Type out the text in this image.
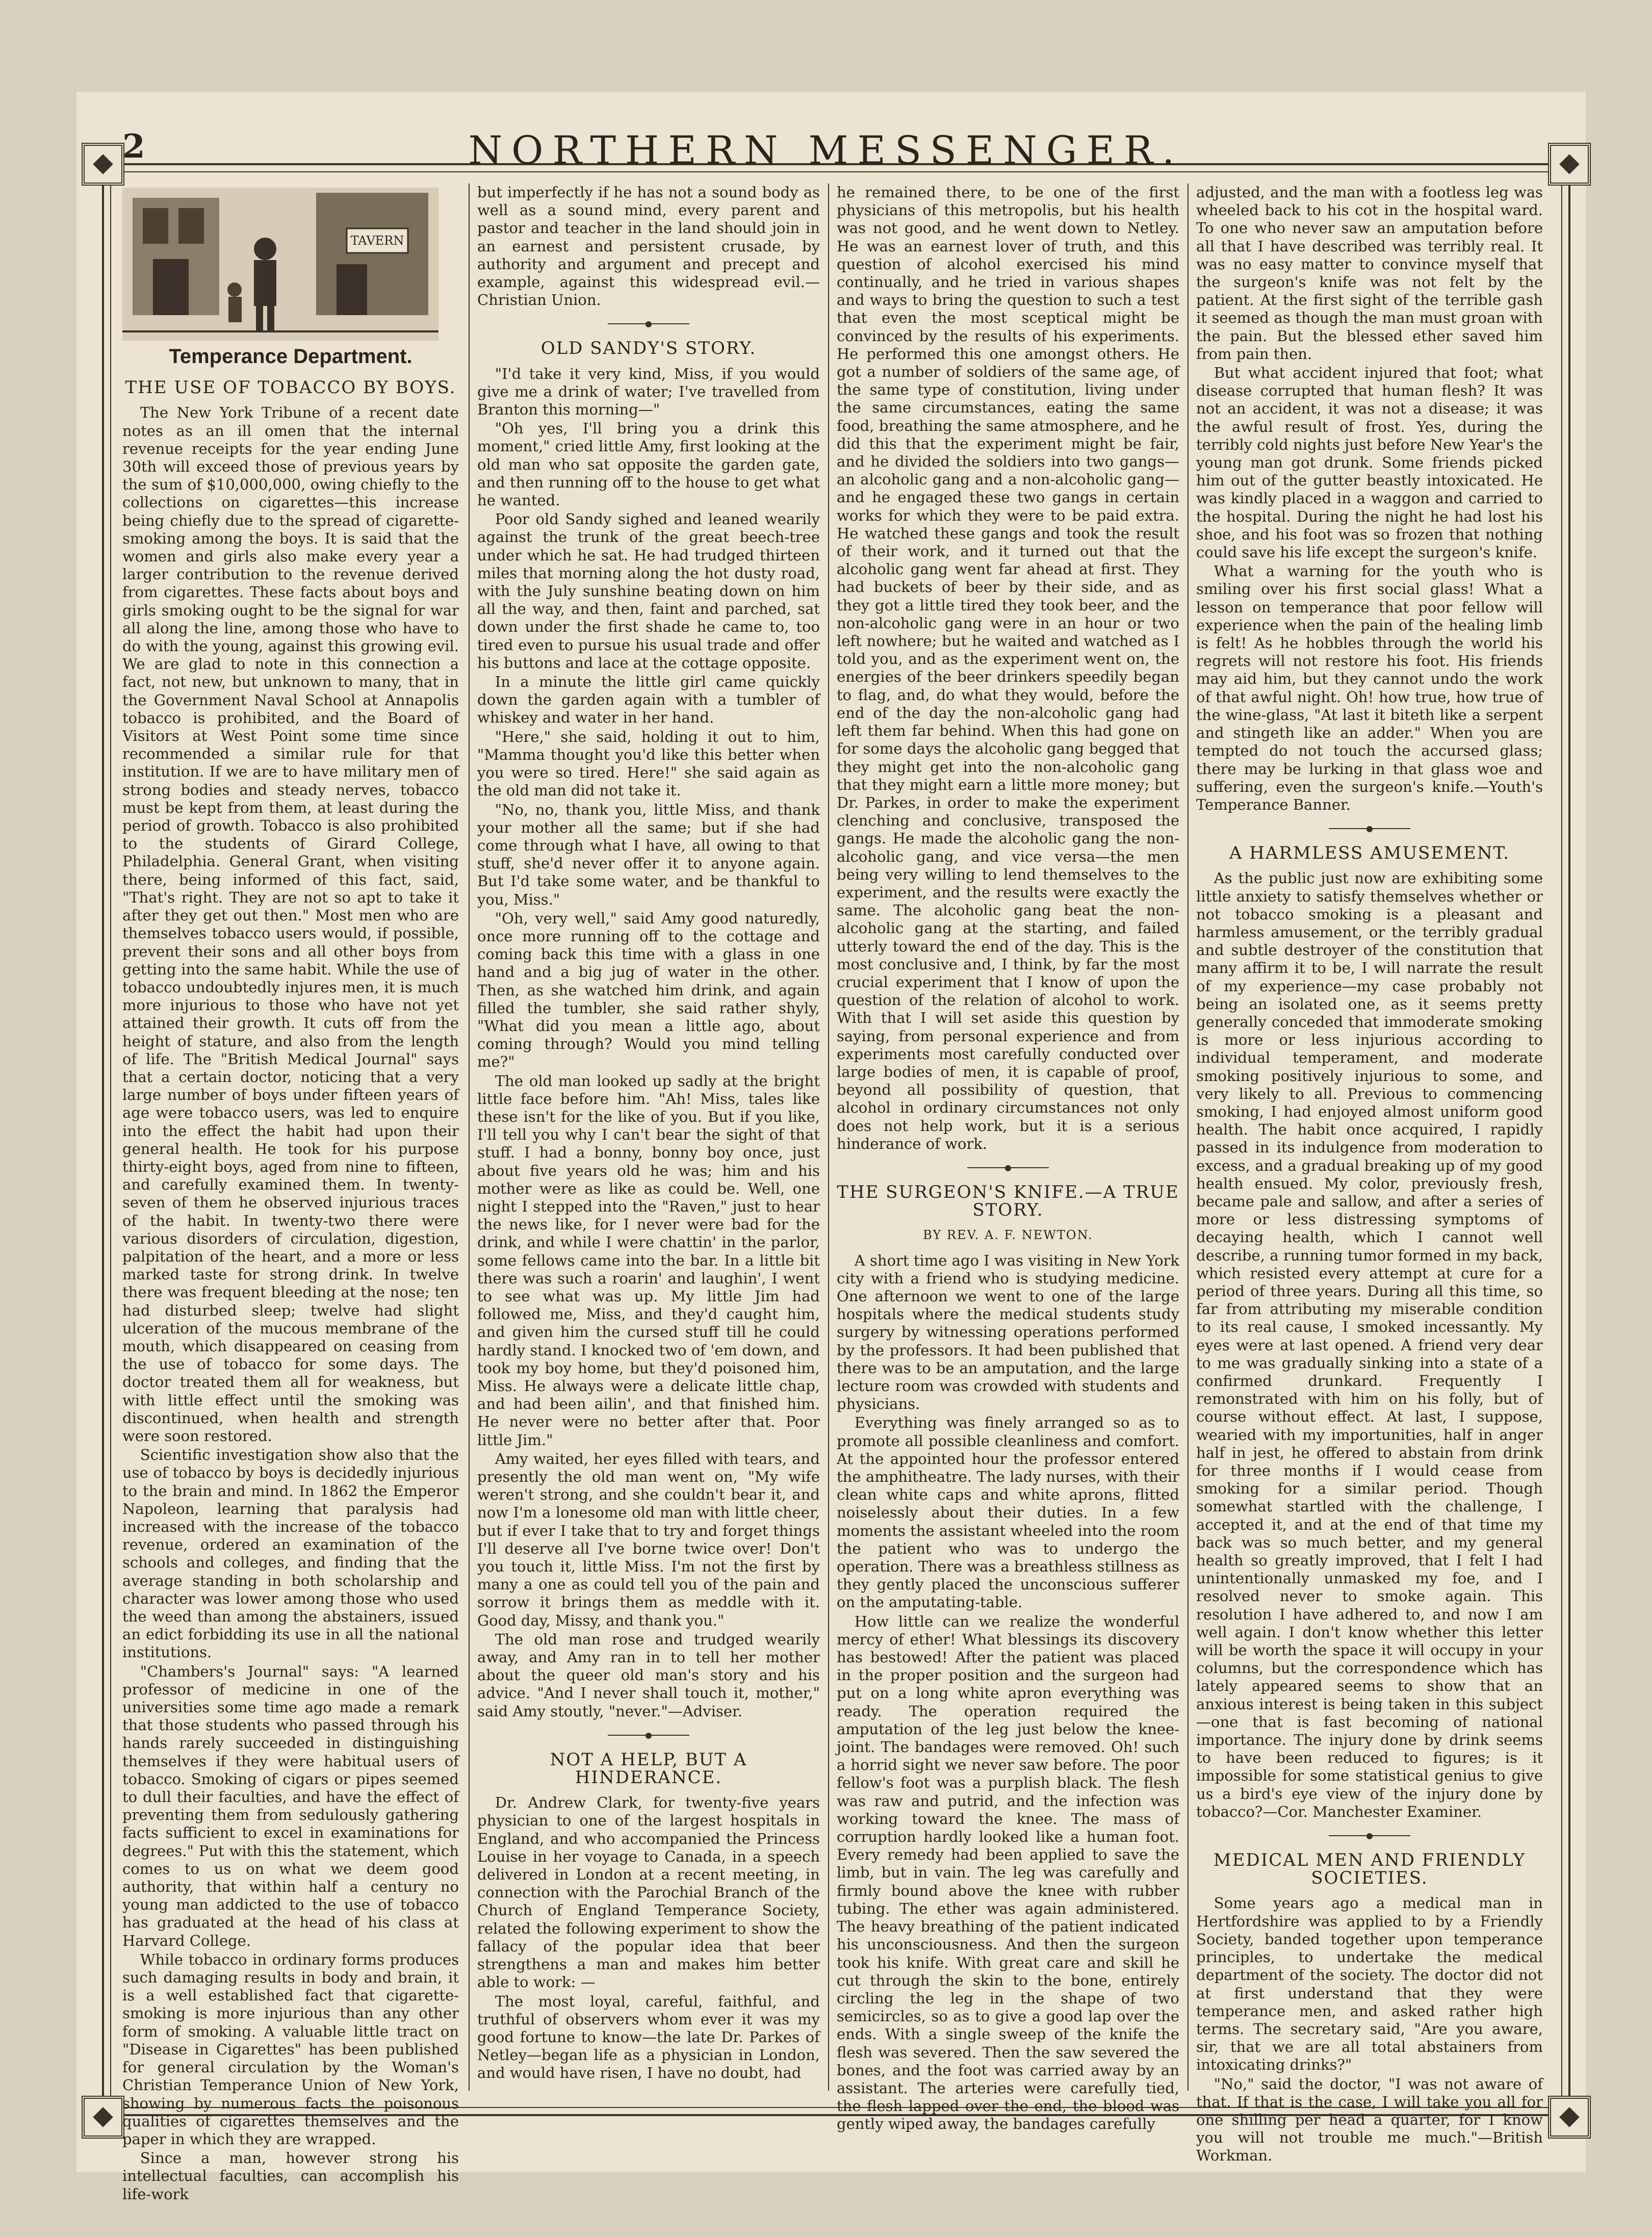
2	NORTHERN MESSENGER.
TAVERN
Temperance Department.
THE USE OF TOBACCO BY BOYS.

The New York Tribune of a recent date notes as an ill omen that the internal revenue receipts for the year ending June 30th will exceed those of previous years by the sum of $10,000,000, owing chiefly to the collections on cigarettes—this increase being chiefly due to the spread of cigarette-smoking among the boys. It is said that the women and girls also make every year a larger contribution to the revenue derived from cigarettes. These facts about boys and girls smoking ought to be the signal for war all along the line, among those who have to do with the young, against this growing evil. We are glad to note in this connection a fact, not new, but unknown to many, that in the Government Naval School at Annapolis tobacco is prohibited, and the Board of Visitors at West Point some time since recommended a similar rule for that institution. If we are to have military men of strong bodies and steady nerves, tobacco must be kept from them, at least during the period of growth. Tobacco is also prohibited to the students of Girard College, Philadelphia. General Grant, when visiting there, being informed of this fact, said, "That's right. They are not so apt to take it after they get out then." Most men who are themselves tobacco users would, if possible, prevent their sons and all other boys from getting into the same habit. While the use of tobacco undoubtedly injures men, it is much more injurious to those who have not yet attained their growth. It cuts off from the height of stature, and also from the length of life. The "British Medical Journal" says that a certain doctor, noticing that a very large number of boys under fifteen years of age were tobacco users, was led to enquire into the effect the habit had upon their general health. He took for his purpose thirty-eight boys, aged from nine to fifteen, and carefully examined them. In twenty-seven of them he observed injurious traces of the habit. In twenty-two there were various disorders of circulation, digestion, palpitation of the heart, and a more or less marked taste for strong drink. In twelve there was frequent bleeding at the nose; ten had disturbed sleep; twelve had slight ulceration of the mucous membrane of the mouth, which disappeared on ceasing from the use of tobacco for some days. The doctor treated them all for weakness, but with little effect until the smoking was discontinued, when health and strength were soon restored.

Scientific investigation show also that the use of tobacco by boys is decidedly injurious to the brain and mind. In 1862 the Emperor Napoleon, learning that paralysis had increased with the increase of the tobacco revenue, ordered an examination of the schools and colleges, and finding that the average standing in both scholarship and character was lower among those who used the weed than among the abstainers, issued an edict forbidding its use in all the national institutions.

"Chambers's Journal" says: "A learned professor of medicine in one of the universities some time ago made a remark that those students who passed through his hands rarely succeeded in distinguishing themselves if they were habitual users of tobacco. Smoking of cigars or pipes seemed to dull their faculties, and have the effect of preventing them from sedulously gathering facts sufficient to excel in examinations for degrees." Put with this the statement, which comes to us on what we deem good authority, that within half a century no young man addicted to the use of tobacco has graduated at the head of his class at Harvard College.

While tobacco in ordinary forms produces such damaging results in body and brain, it is a well established fact that cigarette-smoking is more injurious than any other form of smoking. A valuable little tract on "Disease in Cigarettes" has been published for general circulation by the Woman's Christian Temperance Union of New York, showing by numerous facts the poisonous qualities of cigarettes themselves and the paper in which they are wrapped.

Since a man, however strong his intellectual faculties, can accomplish his life-work

but imperfectly if he has not a sound body as well as a sound mind, every parent and pastor and teacher in the land should join in an earnest and persistent crusade, by authority and argument and precept and example, against this widespread evil.—Christian Union.

OLD SANDY'S STORY.

"I'd take it very kind, Miss, if you would give me a drink of water; I've travelled from Branton this morning—"

"Oh yes, I'll bring you a drink this moment," cried little Amy, first looking at the old man who sat opposite the garden gate, and then running off to the house to get what he wanted.

Poor old Sandy sighed and leaned wearily against the trunk of the great beech-tree under which he sat. He had trudged thirteen miles that morning along the hot dusty road, with the July sunshine beating down on him all the way, and then, faint and parched, sat down under the first shade he came to, too tired even to pursue his usual trade and offer his buttons and lace at the cottage opposite.

In a minute the little girl came quickly down the garden again with a tumbler of whiskey and water in her hand.

"Here," she said, holding it out to him, "Mamma thought you'd like this better when you were so tired. Here!" she said again as the old man did not take it.

"No, no, thank you, little Miss, and thank your mother all the same; but if she had come through what I have, all owing to that stuff, she'd never offer it to anyone again. But I'd take some water, and be thankful to you, Miss."

"Oh, very well," said Amy good naturedly, once more running off to the cottage and coming back this time with a glass in one hand and a big jug of water in the other. Then, as she watched him drink, and again filled the tumbler, she said rather shyly, "What did you mean a little ago, about coming through? Would you mind telling me?"

The old man looked up sadly at the bright little face before him. "Ah! Miss, tales like these isn't for the like of you. But if you like, I'll tell you why I can't bear the sight of that stuff. I had a bonny, bonny boy once, just about five years old he was; him and his mother were as like as could be. Well, one night I stepped into the "Raven," just to hear the news like, for I never were bad for the drink, and while I were chattin' in the parlor, some fellows came into the bar. In a little bit there was such a roarin' and laughin', I went to see what was up. My little Jim had followed me, Miss, and they'd caught him, and given him the cursed stuff till he could hardly stand. I knocked two of 'em down, and took my boy home, but they'd poisoned him, Miss. He always were a delicate little chap, and had been ailin', and that finished him. He never were no better after that. Poor little Jim."

Amy waited, her eyes filled with tears, and presently the old man went on, "My wife weren't strong, and she couldn't bear it, and now I'm a lonesome old man with little cheer, but if ever I take that to try and forget things I'll deserve all I've borne twice over! Don't you touch it, little Miss. I'm not the first by many a one as could tell you of the pain and sorrow it brings them as meddle with it. Good day, Missy, and thank you."

The old man rose and trudged wearily away, and Amy ran in to tell her mother about the queer old man's story and his advice. "And I never shall touch it, mother," said Amy stoutly, "never."—Adviser.

NOT A HELP, BUT A HINDERANCE.

Dr. Andrew Clark, for twenty-five years physician to one of the largest hospitals in England, and who accompanied the Princess Louise in her voyage to Canada, in a speech delivered in London at a recent meeting, in connection with the Parochial Branch of the Church of England Temperance Society, related the following experiment to show the fallacy of the popular idea that beer strengthens a man and makes him better able to work: —

The most loyal, careful, faithful, and truthful of observers whom ever it was my good fortune to know—the late Dr. Parkes of Netley—began life as a physician in London, and would have risen, I have no doubt, had

he remained there, to be one of the first physicians of this metropolis, but his health was not good, and he went down to Netley. He was an earnest lover of truth, and this question of alcohol exercised his mind continually, and he tried in various shapes and ways to bring the question to such a test that even the most sceptical might be convinced by the results of his experiments. He performed this one amongst others. He got a number of soldiers of the same age, of the same type of constitution, living under the same circumstances, eating the same food, breathing the same atmosphere, and he did this that the experiment might be fair, and he divided the soldiers into two gangs—an alcoholic gang and a non-alcoholic gang—and he engaged these two gangs in certain works for which they were to be paid extra. He watched these gangs and took the result of their work, and it turned out that the alcoholic gang went far ahead at first. They had buckets of beer by their side, and as they got a little tired they took beer, and the non-alcoholic gang were in an hour or two left nowhere; but he waited and watched as I told you, and as the experiment went on, the energies of the beer drinkers speedily began to flag, and, do what they would, before the end of the day the non-alcoholic gang had left them far behind. When this had gone on for some days the alcoholic gang begged that they might get into the non-alcoholic gang that they might earn a little more money; but Dr. Parkes, in order to make the experiment clenching and conclusive, transposed the gangs. He made the alcoholic gang the non-alcoholic gang, and vice versa—the men being very willing to lend themselves to the experiment, and the results were exactly the same. The alcoholic gang beat the non-alcoholic gang at the starting, and failed utterly toward the end of the day. This is the most conclusive and, I think, by far the most crucial experiment that I know of upon the question of the relation of alcohol to work. With that I will set aside this question by saying, from personal experience and from experiments most carefully conducted over large bodies of men, it is capable of proof, beyond all possibility of question, that alcohol in ordinary circumstances not only does not help work, but it is a serious hinderance of work.

THE SURGEON'S KNIFE.—A TRUE STORY.
BY REV. A. F. NEWTON.

A short time ago I was visiting in New York city with a friend who is studying medicine. One afternoon we went to one of the large hospitals where the medical students study surgery by witnessing operations performed by the professors. It had been published that there was to be an amputation, and the large lecture room was crowded with students and physicians.

Everything was finely arranged so as to promote all possible cleanliness and comfort. At the appointed hour the professor entered the amphitheatre. The lady nurses, with their clean white caps and white aprons, flitted noiselessly about their duties. In a few moments the assistant wheeled into the room the patient who was to undergo the operation. There was a breathless stillness as they gently placed the unconscious sufferer on the amputating-table.

How little can we realize the wonderful mercy of ether! What blessings its discovery has bestowed! After the patient was placed in the proper position and the surgeon had put on a long white apron everything was ready. The operation required the amputation of the leg just below the knee-joint. The bandages were removed. Oh! such a horrid sight we never saw before. The poor fellow's foot was a purplish black. The flesh was raw and putrid, and the infection was working toward the knee. The mass of corruption hardly looked like a human foot. Every remedy had been applied to save the limb, but in vain. The leg was carefully and firmly bound above the knee with rubber tubing. The ether was again administered. The heavy breathing of the patient indicated his unconsciousness. And then the surgeon took his knife. With great care and skill he cut through the skin to the bone, entirely circling the leg in the shape of two semicircles, so as to give a good lap over the ends. With a single sweep of the knife the flesh was severed. Then the saw severed the bones, and the foot was carried away by an assistant. The arteries were carefully tied, the flesh lapped over the end, the blood was gently wiped away, the bandages carefully

adjusted, and the man with a footless leg was wheeled back to his cot in the hospital ward. To one who never saw an amputation before all that I have described was terribly real. It was no easy matter to convince myself that the surgeon's knife was not felt by the patient. At the first sight of the terrible gash it seemed as though the man must groan with the pain. But the blessed ether saved him from pain then.

But what accident injured that foot; what disease corrupted that human flesh? It was not an accident, it was not a disease; it was the awful result of frost. Yes, during the terribly cold nights just before New Year's the young man got drunk. Some friends picked him out of the gutter beastly intoxicated. He was kindly placed in a waggon and carried to the hospital. During the night he had lost his shoe, and his foot was so frozen that nothing could save his life except the surgeon's knife.

What a warning for the youth who is smiling over his first social glass! What a lesson on temperance that poor fellow will experience when the pain of the healing limb is felt! As he hobbles through the world his regrets will not restore his foot. His friends may aid him, but they cannot undo the work of that awful night. Oh! how true, how true of the wine-glass, "At last it biteth like a serpent and stingeth like an adder." When you are tempted do not touch the accursed glass; there may be lurking in that glass woe and suffering, even the surgeon's knife.—Youth's Temperance Banner.

A HARMLESS AMUSEMENT.

As the public just now are exhibiting some little anxiety to satisfy themselves whether or not tobacco smoking is a pleasant and harmless amusement, or the terribly gradual and subtle destroyer of the constitution that many affirm it to be, I will narrate the result of my experience—my case probably not being an isolated one, as it seems pretty generally conceded that immoderate smoking is more or less injurious according to individual temperament, and moderate smoking positively injurious to some, and very likely to all. Previous to commencing smoking, I had enjoyed almost uniform good health. The habit once acquired, I rapidly passed in its indulgence from moderation to excess, and a gradual breaking up of my good health ensued. My color, previously fresh, became pale and sallow, and after a series of more or less distressing symptoms of decaying health, which I cannot well describe, a running tumor formed in my back, which resisted every attempt at cure for a period of three years. During all this time, so far from attributing my miserable condition to its real cause, I smoked incessantly. My eyes were at last opened. A friend very dear to me was gradually sinking into a state of a confirmed drunkard. Frequently I remonstrated with him on his folly, but of course without effect. At last, I suppose, wearied with my importunities, half in anger half in jest, he offered to abstain from drink for three months if I would cease from smoking for a similar period. Though somewhat startled with the challenge, I accepted it, and at the end of that time my back was so much better, and my general health so greatly improved, that I felt I had unintentionally unmasked my foe, and I resolved never to smoke again. This resolution I have adhered to, and now I am well again. I don't know whether this letter will be worth the space it will occupy in your columns, but the correspondence which has lately appeared seems to show that an anxious interest is being taken in this subject—one that is fast becoming of national importance. The injury done by drink seems to have been reduced to figures; is it impossible for some statistical genius to give us a bird's eye view of the injury done by tobacco?—Cor. Manchester Examiner.

MEDICAL MEN AND FRIENDLY SOCIETIES.

Some years ago a medical man in Hertfordshire was applied to by a Friendly Society, banded together upon temperance principles, to undertake the medical department of the society. The doctor did not at first understand that they were temperance men, and asked rather high terms. The secretary said, "Are you aware, sir, that we are all total abstainers from intoxicating drinks?"

"No," said the doctor, "I was not aware of that. If that is the case, I will take you all for one shilling per head a quarter, for I know you will not trouble me much."—British Workman.
